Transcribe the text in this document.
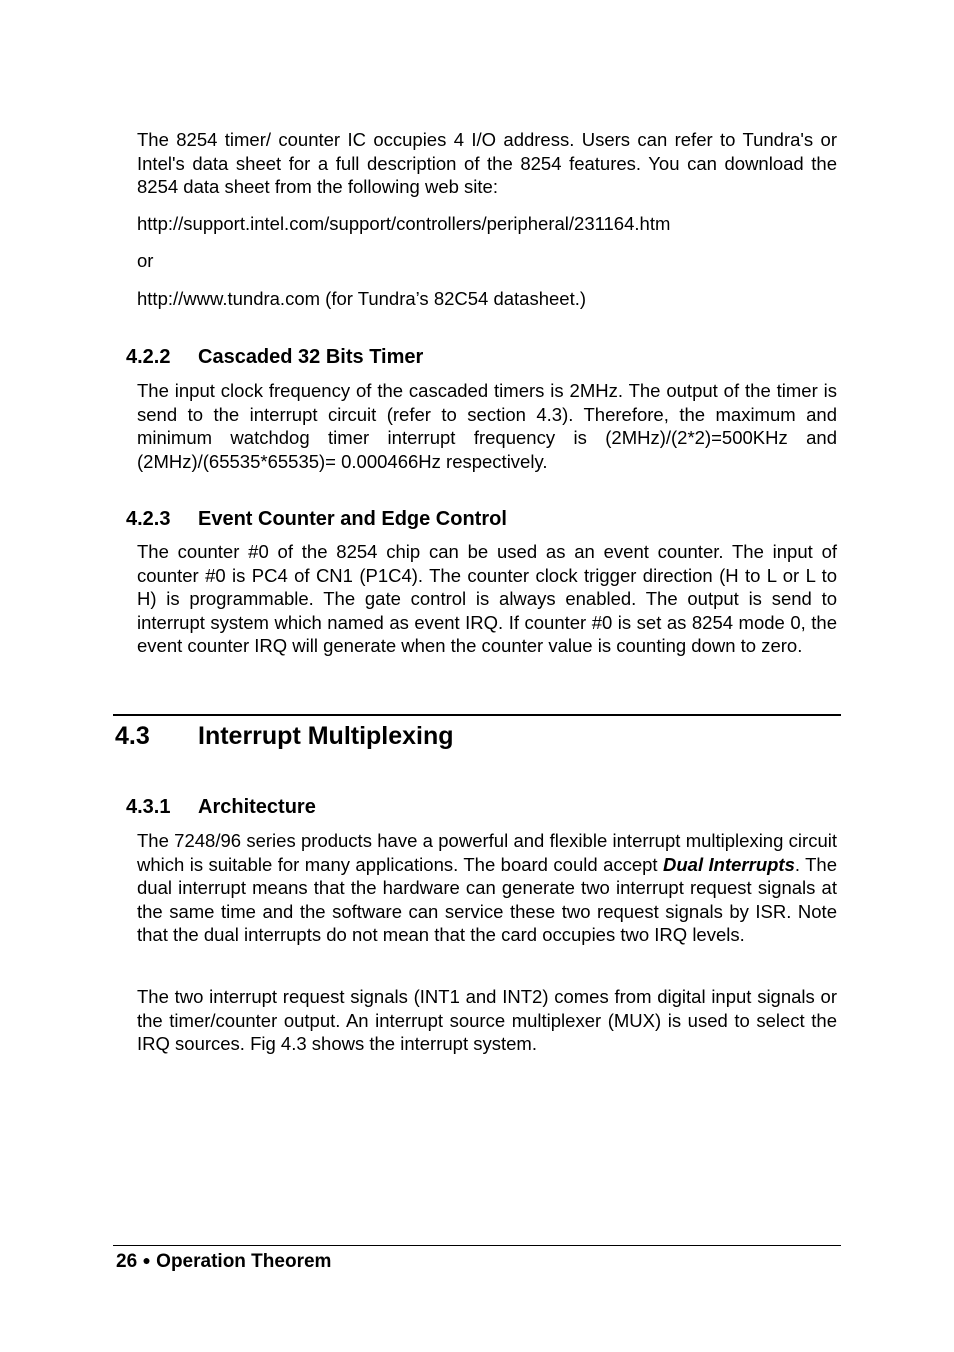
The 8254 timer/ counter IC occupies 4 I/O address. Users can refer to Tundra's or Intel's data sheet for a full description of the 8254 features. You can download the 8254 data sheet from the following web site:

http://support.intel.com/support/controllers/peripheral/231164.htm

or

http://www.tundra.com (for Tundra’s 82C54 datasheet.)

4.2.2 Cascaded 32 Bits Timer

The input clock frequency of the cascaded timers is 2MHz. The output of the timer is send to the interrupt circuit (refer to section 4.3). Therefore, the maximum and minimum watchdog timer interrupt frequency is (2MHz)/(2*2)=500KHz and (2MHz)/(65535*65535)= 0.000466Hz respectively.

4.2.3 Event Counter and Edge Control

The counter #0 of the 8254 chip can be used as an event counter. The input of counter #0 is PC4 of CN1 (P1C4). The counter clock trigger direction (H to L or L to H) is programmable. The gate control is always enabled. The output is send to interrupt system which named as event IRQ. If counter #0 is set as 8254 mode 0, the event counter IRQ will generate when the counter value is counting down to zero.

4.3 Interrupt Multiplexing
4.3.1 Architecture

The 7248/96 series products have a powerful and flexible interrupt multiplexing circuit which is suitable for many applications. The board could accept Dual Interrupts. The dual interrupt means that the hardware can generate two interrupt request signals at the same time and the software can service these two request signals by ISR. Note that the dual interrupts do not mean that the card occupies two IRQ levels.

The two interrupt request signals (INT1 and INT2) comes from digital input signals or the timer/counter output. An interrupt source multiplexer (MUX) is used to select the IRQ sources. Fig 4.3 shows the interrupt system.

26 ● Operation Theorem
